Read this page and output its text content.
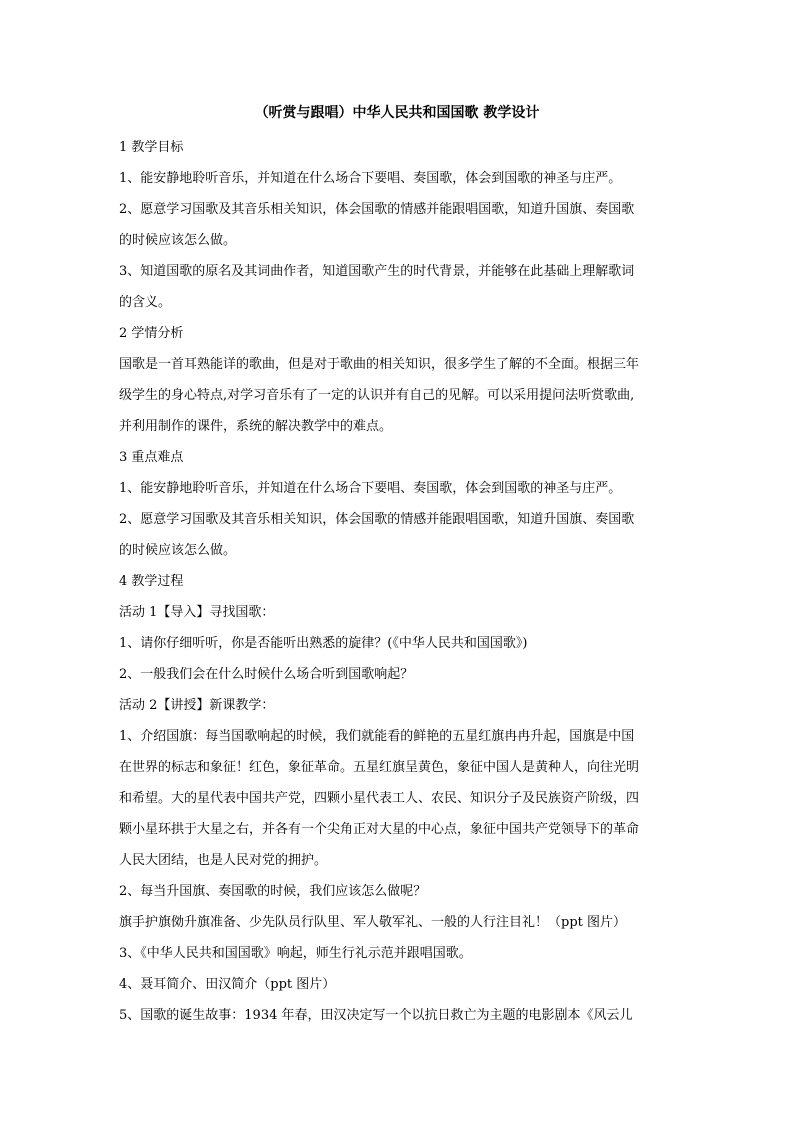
（听赏与跟唱）中华人民共和国国歌 教学设计
1 教学目标
1、能安静地聆听音乐，并知道在什么场合下要唱、奏国歌，体会到国歌的神圣与庄严。
2、愿意学习国歌及其音乐相关知识，体会国歌的情感并能跟唱国歌，知道升国旗、奏国歌
的时候应该怎么做。
3、知道国歌的原名及其词曲作者，知道国歌产生的时代背景，并能够在此基础上理解歌词
的含义。
2 学情分析
国歌是一首耳熟能详的歌曲，但是对于歌曲的相关知识，很多学生了解的不全面。根据三年
级学生的身心特点,对学习音乐有了一定的认识并有自己的见解。可以采用提问法听赏歌曲,
并利用制作的课件，系统的解决教学中的难点。
3 重点难点
1、能安静地聆听音乐，并知道在什么场合下要唱、奏国歌，体会到国歌的神圣与庄严。
2、愿意学习国歌及其音乐相关知识，体会国歌的情感并能跟唱国歌，知道升国旗、奏国歌
的时候应该怎么做。
4 教学过程
活动 1【导入】寻找国歌：
1、请你仔细听听，你是否能听出熟悉的旋律？(《中华人民共和国国歌》)
2、一般我们会在什么时候什么场合听到国歌响起？
活动 2【讲授】新课教学：
1、介绍国旗：每当国歌响起的时候，我们就能看的鲜艳的五星红旗冉冉升起，国旗是中国
在世界的标志和象征！红色，象征革命。五星红旗呈黄色，象征中国人是黄种人，向往光明
和希望。大的星代表中国共产党，四颗小星代表工人、农民、知识分子及民族资产阶级，四
颗小星环拱于大星之右，并各有一个尖角正对大星的中心点，象征中国共产党领导下的革命
人民大团结，也是人民对党的拥护。
2、每当升国旗、奏国歌的时候，我们应该怎么做呢？
旗手护旗俲升旗准备、少先队员行队里、军人敬军礼、一般的人行注目礼！（ppt 图片）
3、《中华人民共和国国歌》响起，师生行礼示范并跟唱国歌。
4、聂耳简介、田汉简介（ppt 图片）
5、国歌的诞生故事：1934 年春，田汉决定写一个以抗日救亡为主题的电影剧本《风云儿
